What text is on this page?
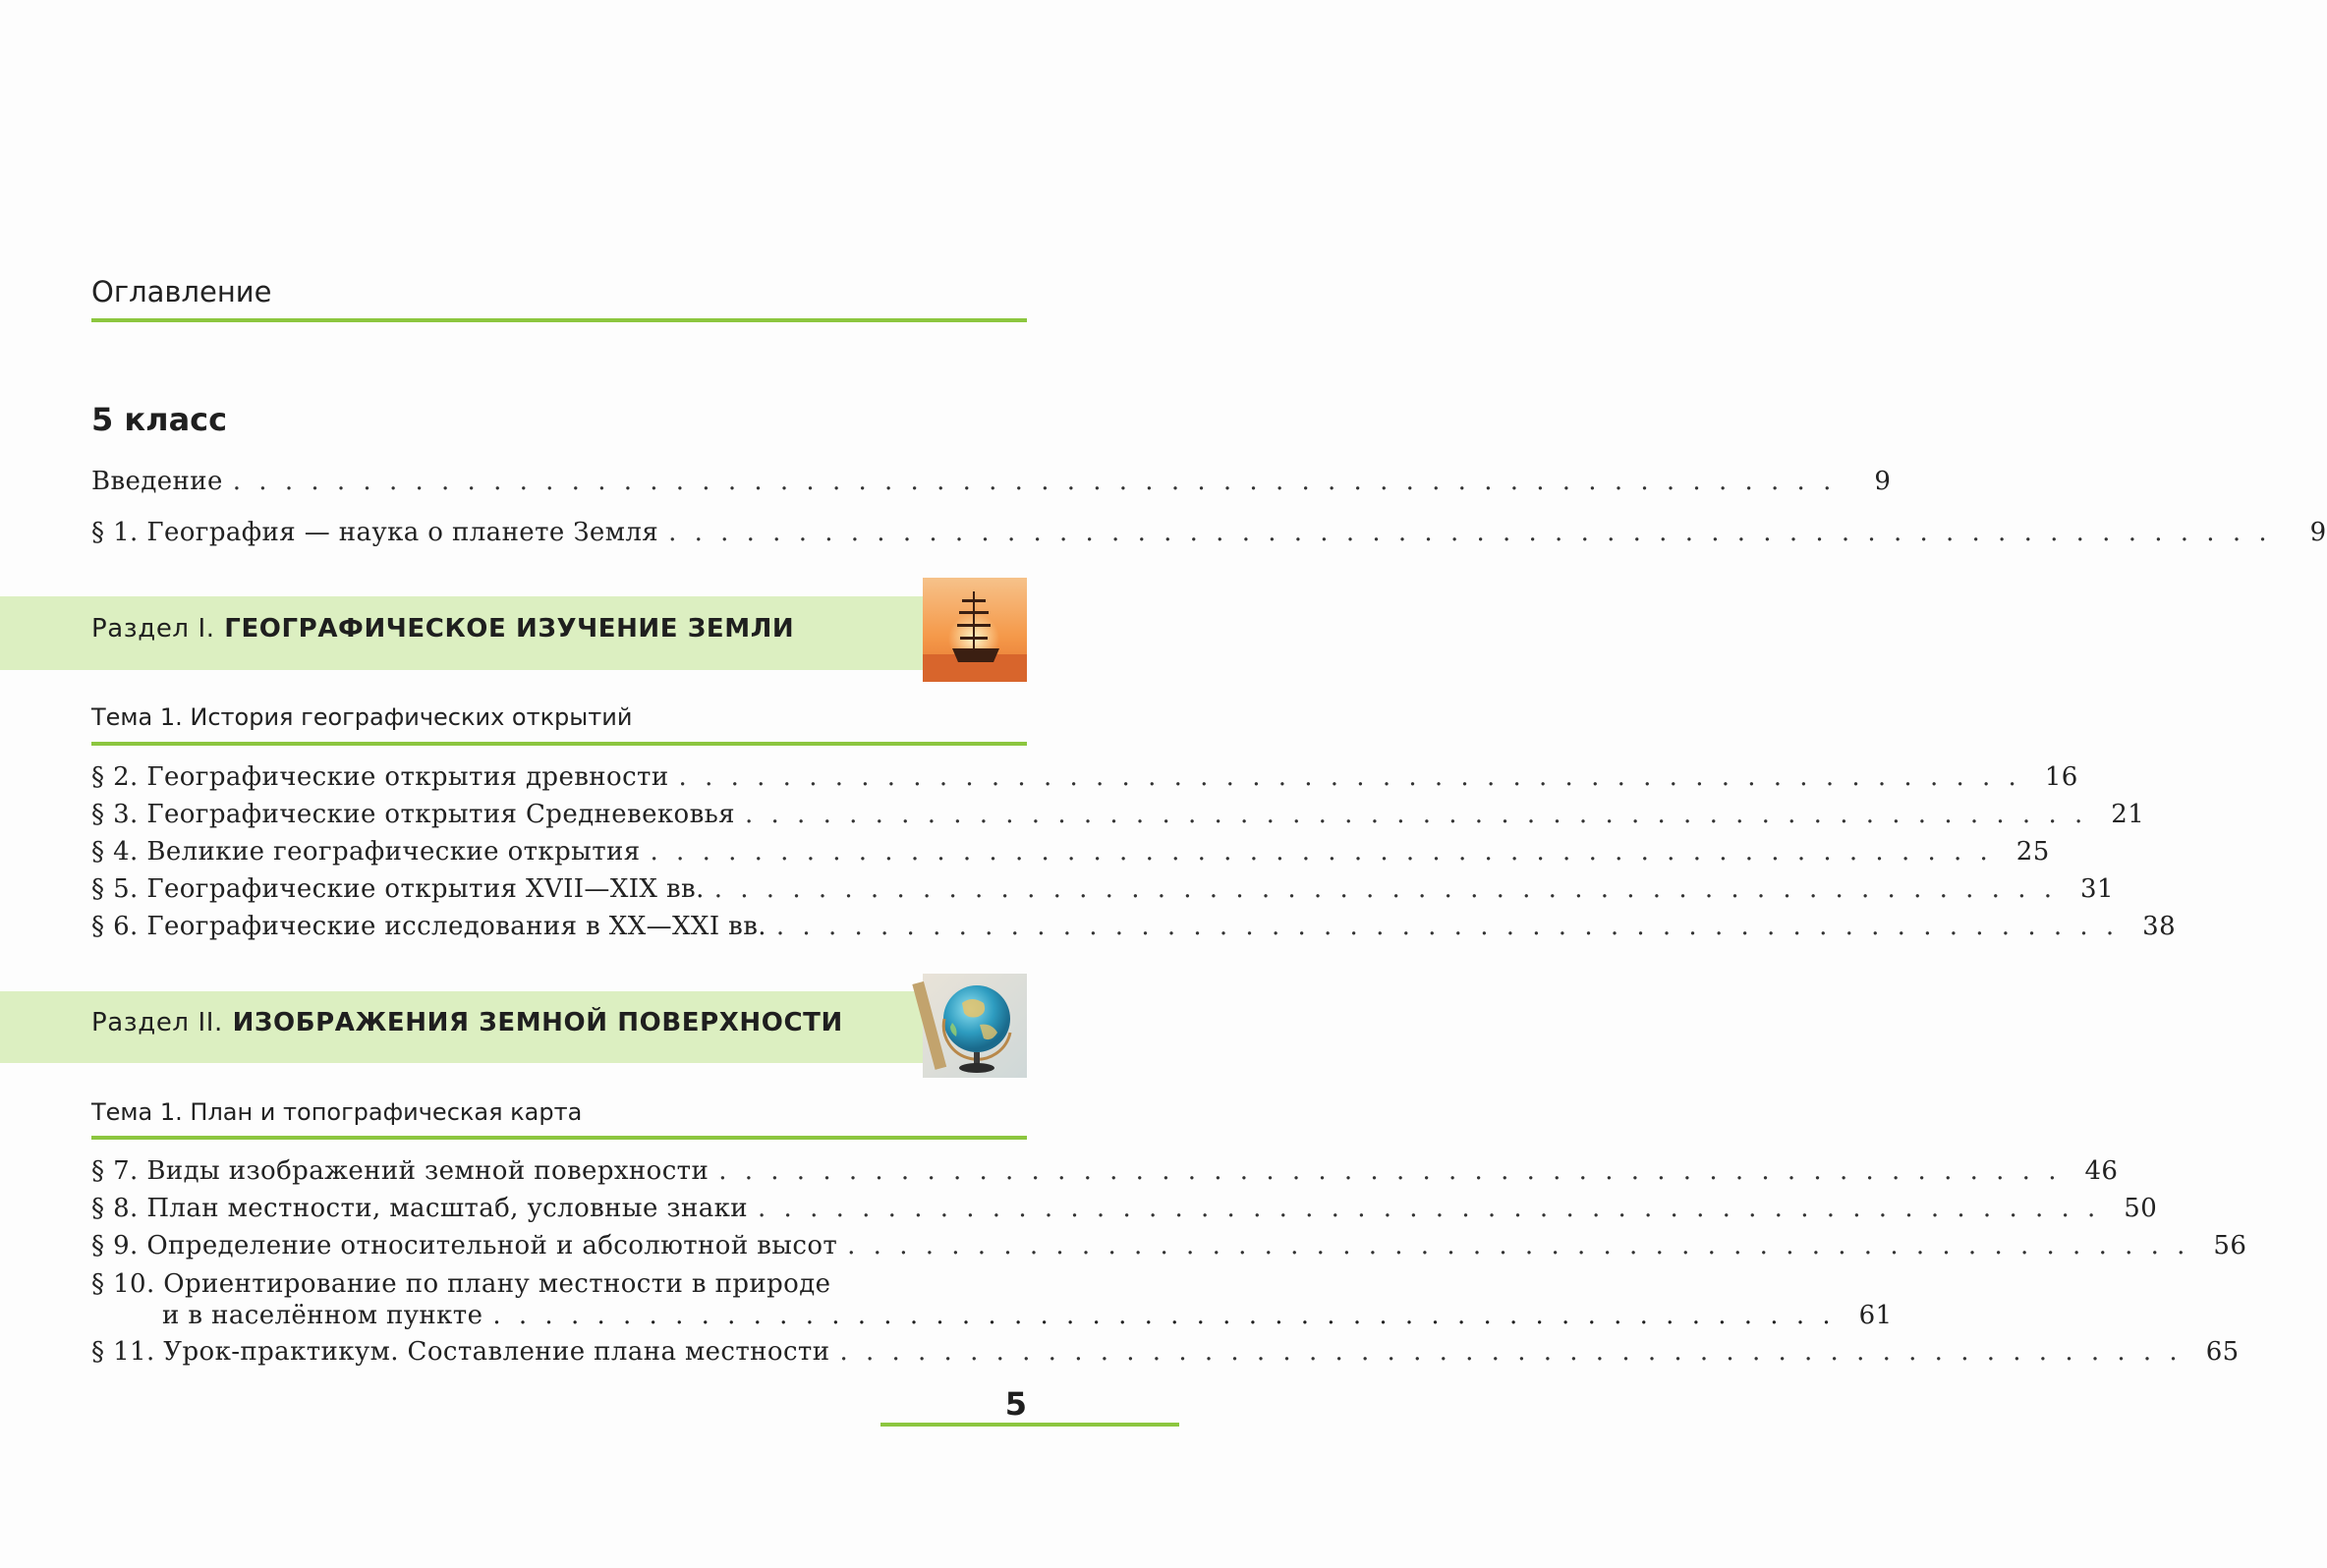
Оглавление
5 класс
Введение . . . . . . . . . . . . . . . . . . . . . . . . . . . . . . . . . . . . . . . . . . . . . . . . . . . . . . . . . . . . . .	9
§ 1. География — наука о планете Земля . . . . . . . . . . . . . . . . . . . . . . . . . . . . . . . . . . . . . . . . . . . . . . . . . . . . . . . . . . . . . .	9
Раздел I. ГЕОГРАФИЧЕСКОЕ ИЗУЧЕНИЕ ЗЕМЛИ
Тема 1. История географических открытий
§ 2. Географические открытия древности . . . . . . . . . . . . . . . . . . . . . . . . . . . . . . . . . . . . . . . . . . . . . . . . . . . . 16
§ 3. Географические открытия Средневековья . . . . . . . . . . . . . . . . . . . . . . . . . . . . . . . . . . . . . . . . . . . . . . . . . . . . 21
§ 4. Великие географические открытия . . . . . . . . . . . . . . . . . . . . . . . . . . . . . . . . . . . . . . . . . . . . . . . . . . . . 25
§ 5. Географические открытия XVII—XIX вв. . . . . . . . . . . . . . . . . . . . . . . . . . . . . . . . . . . . . . . . . . . . . . . . . . . . . 31
§ 6. Географические исследования в XX—XXI вв. . . . . . . . . . . . . . . . . . . . . . . . . . . . . . . . . . . . . . . . . . . . . . . . . . . . . 38
Раздел II. ИЗОБРАЖЕНИЯ ЗЕМНОЙ ПОВЕРХНОСТИ
Тема 1. План и топографическая карта
§ 7. Виды изображений земной поверхности . . . . . . . . . . . . . . . . . . . . . . . . . . . . . . . . . . . . . . . . . . . . . . . . . . . . 46
§ 8. План местности, масштаб, условные знаки . . . . . . . . . . . . . . . . . . . . . . . . . . . . . . . . . . . . . . . . . . . . . . . . . . . . 50
§ 9. Определение относительной и абсолютной высот . . . . . . . . . . . . . . . . . . . . . . . . . . . . . . . . . . . . . . . . . . . . . . . . . . . . 56
§ 10. Ориентирование по плану местности в природе
и в населённом пункте . . . . . . . . . . . . . . . . . . . . . . . . . . . . . . . . . . . . . . . . . . . . . . . . . . . . 61
§ 11. Урок-практикум. Составление плана местности . . . . . . . . . . . . . . . . . . . . . . . . . . . . . . . . . . . . . . . . . . . . . . . . . . . . 65
5
